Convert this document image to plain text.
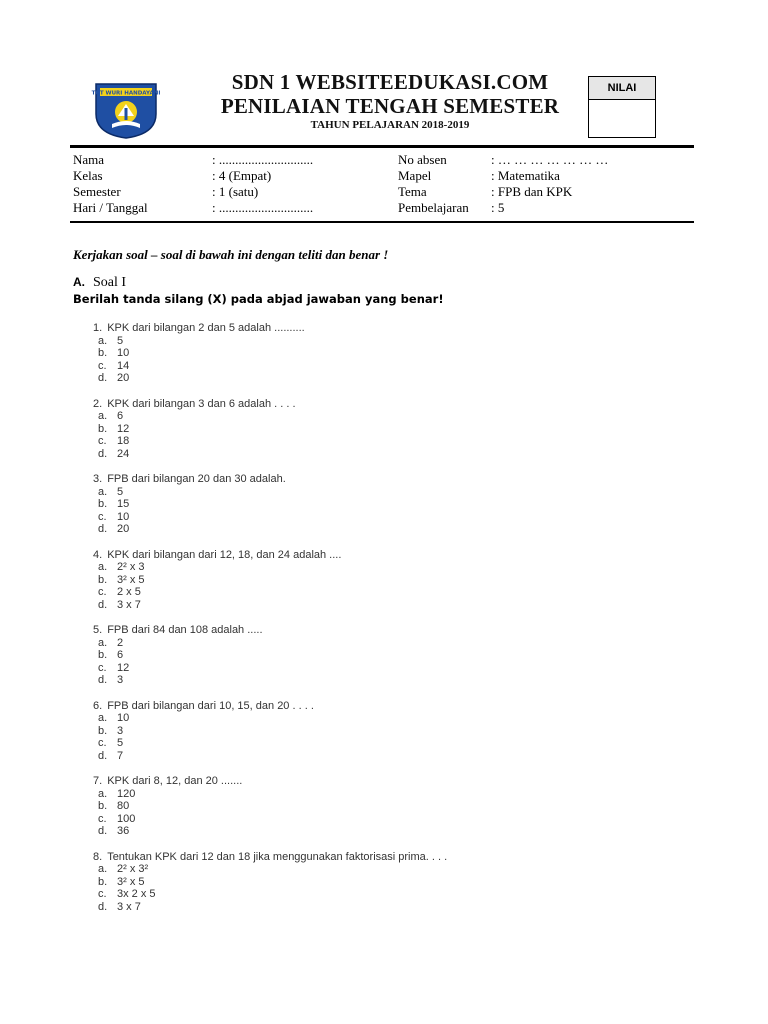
TUT WURI HANDAYANI	SDN 1 WEBSITEEDUKASI.COM
PENILAIAN TENGAH SEMESTER
TAHUN PELAJARAN 2018-2019
NILAI
Nama	: .............................	No absen	: … … … … … … …
Kelas	: 4 (Empat)	Mapel	: Matematika
Semester	: 1 (satu)	Tema	: FPB dan KPK
Hari / Tanggal	: .............................	Pembelajaran : 5
Kerjakan soal – soal di bawah ini dengan teliti dan benar !
A. Soal I
Berilah tanda silang (X) pada abjad jawaban yang benar!
1. KPK dari bilangan 2 dan 5 adalah ..........
a. 5
b. 10
c. 14
d. 20
2. KPK dari bilangan 3 dan 6 adalah . . . .
a. 6
b. 12
c. 18
d. 24
3. FPB dari bilangan 20 dan 30 adalah.
a. 5
b. 15
c. 10
d. 20
4. KPK dari bilangan dari 12, 18, dan 24 adalah ....
a. 2² x 3
b. 3² x 5
c. 2 x 5
d. 3 x 7
5. FPB dari 84 dan 108 adalah .....
a. 2
b. 6
c. 12
d. 3
6. FPB dari bilangan dari 10, 15, dan 20 . . . .
a. 10
b. 3
c. 5
d. 7
7. KPK dari 8, 12, dan 20 .......
a. 120
b. 80
c. 100
d. 36
8. Tentukan KPK dari 12 dan 18 jika menggunakan faktorisasi prima. . . .
a. 2² x 3²
b. 3² x 5
c. 3x 2 x 5
d. 3 x 7
